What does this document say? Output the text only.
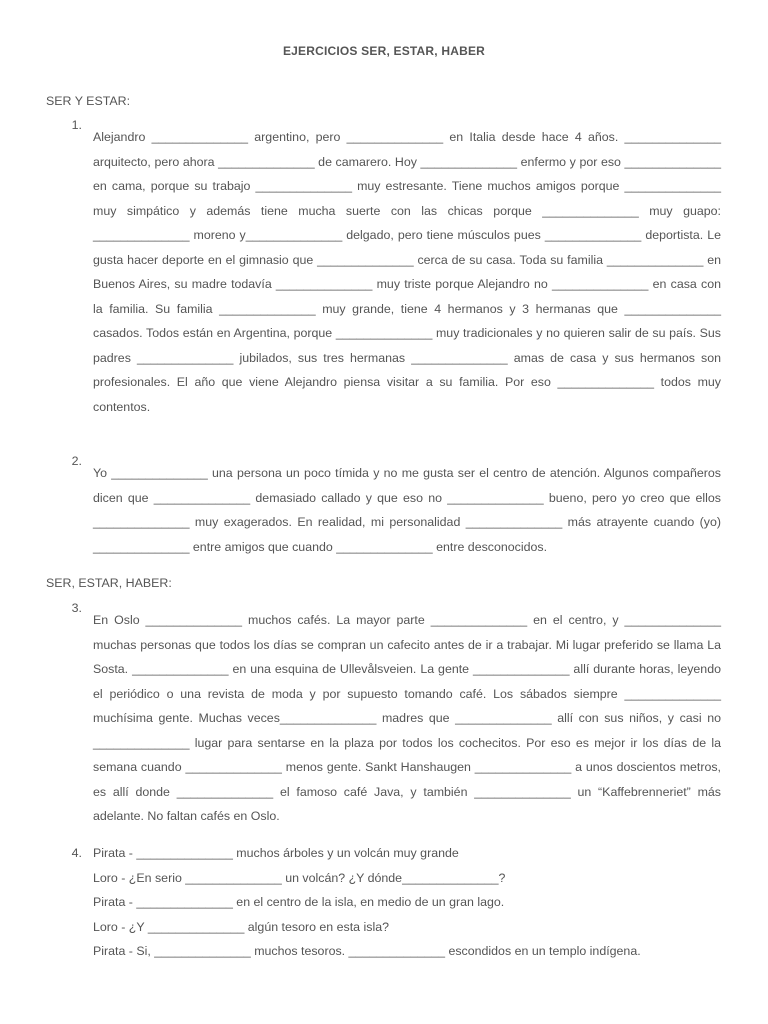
EJERCICIOS SER, ESTAR, HABER
SER Y ESTAR:
1.

Alejandro ______________ argentino, pero ______________ en Italia desde hace 4 años. ______________ arquitecto, pero ahora ______________ de camarero. Hoy ______________ enfermo y por eso ______________ en cama, porque su trabajo ______________ muy estresante. Tiene muchos amigos porque ______________ muy simpático y además tiene mucha suerte con las chicas porque ______________ muy guapo: ______________ moreno y______________ delgado, pero tiene músculos pues ______________ deportista. Le gusta hacer deporte en el gimnasio que ______________ cerca de su casa. Toda su familia ______________ en Buenos Aires, su madre todavía ______________ muy triste porque Alejandro no ______________ en casa con la familia. Su familia ______________ muy grande, tiene 4 hermanos y 3 hermanas que ______________ casados. Todos están en Argentina, porque ______________ muy tradicionales y no quieren salir de su país. Sus padres ______________ jubilados, sus tres hermanas ______________ amas de casa y sus hermanos son profesionales. El año que viene Alejandro piensa visitar a su familia. Por eso ______________ todos muy contentos.

2.

Yo ______________ una persona un poco tímida y no me gusta ser el centro de atención. Algunos compañeros dicen que ______________ demasiado callado y que eso no ______________ bueno, pero yo creo que ellos ______________ muy exagerados. En realidad, mi personalidad ______________ más atrayente cuando (yo) ______________ entre amigos que cuando ______________ entre desconocidos.

SER, ESTAR, HABER:
3.

En Oslo ______________ muchos cafés. La mayor parte ______________ en el centro, y ______________ muchas personas que todos los días se compran un cafecito antes de ir a trabajar. Mi lugar preferido se llama La Sosta. ______________ en una esquina de Ullevålsveien. La gente ______________ allí durante horas, leyendo el periódico o una revista de moda y por supuesto tomando café. Los sábados siempre ______________ muchísima gente. Muchas veces______________ madres que ______________ allí con sus niños, y casi no ______________ lugar para sentarse en la plaza por todos los cochecitos. Por eso es mejor ir los días de la semana cuando ______________ menos gente. Sankt Hanshaugen ______________ a unos doscientos metros, es allí donde ______________ el famoso café Java, y también ______________ un “Kaffebrenneriet” más adelante. No faltan cafés en Oslo.

4. Pirata - ______________ muchos árboles y un volcán muy grande

Loro - ¿En serio ______________ un volcán? ¿Y dónde______________?

Pirata - ______________ en el centro de la isla, en medio de un gran lago.

Loro - ¿Y ______________ algún tesoro en esta isla?

Pirata - Si, ______________ muchos tesoros. ______________ escondidos en un templo indígena.
